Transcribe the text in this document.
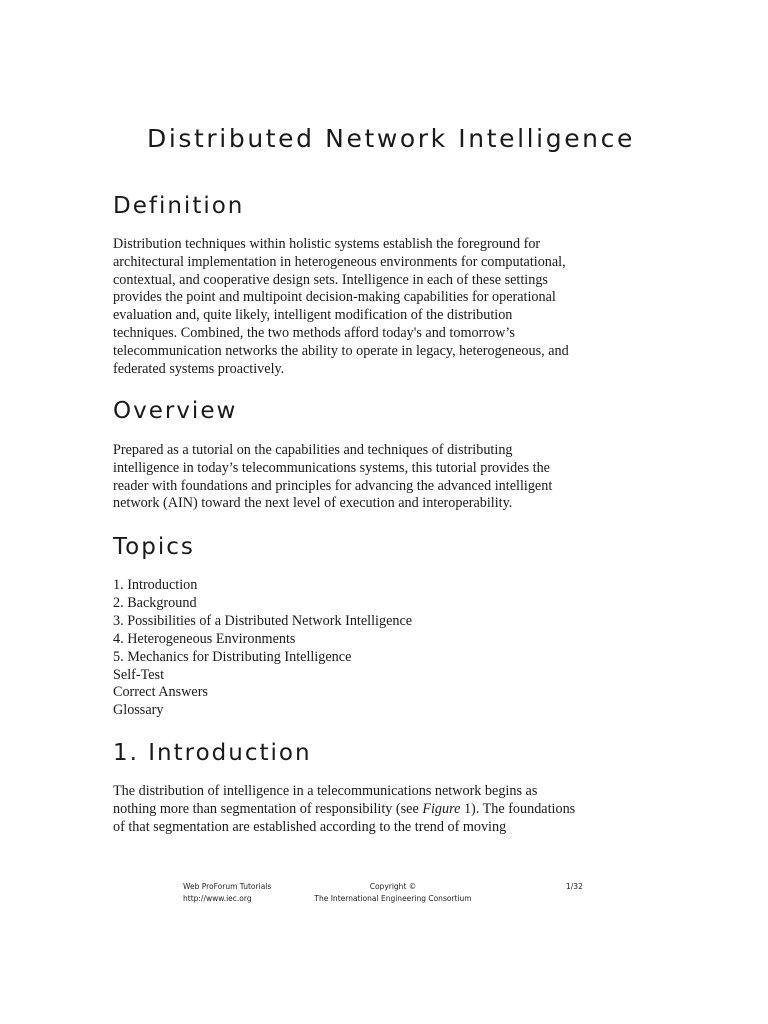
Distributed Network Intelligence
Definition

Distribution techniques within holistic systems establish the foreground for
architectural implementation in heterogeneous environments for computational,
contextual, and cooperative design sets. Intelligence in each of these settings
provides the point and multipoint decision-making capabilities for operational
evaluation and, quite likely, intelligent modification of the distribution
techniques. Combined, the two methods afford today's and tomorrow’s
telecommunication networks the ability to operate in legacy, heterogeneous, and
federated systems proactively.

Overview

Prepared as a tutorial on the capabilities and techniques of distributing
intelligence in today’s telecommunications systems, this tutorial provides the
reader with foundations and principles for advancing the advanced intelligent
network (AIN) toward the next level of execution and interoperability.

Topics
1. Introduction
2. Background
3. Possibilities of a Distributed Network Intelligence
4. Heterogeneous Environments
5. Mechanics for Distributing Intelligence
Self-Test
Correct Answers
Glossary
1. Introduction

The distribution of intelligence in a telecommunications network begins as
nothing more than segmentation of responsibility (see Figure 1). The foundations
of that segmentation are established according to the trend of moving

Web ProForum Tutorials
http://www.iec.org
Copyright ©
The International Engineering Consortium
1/32
